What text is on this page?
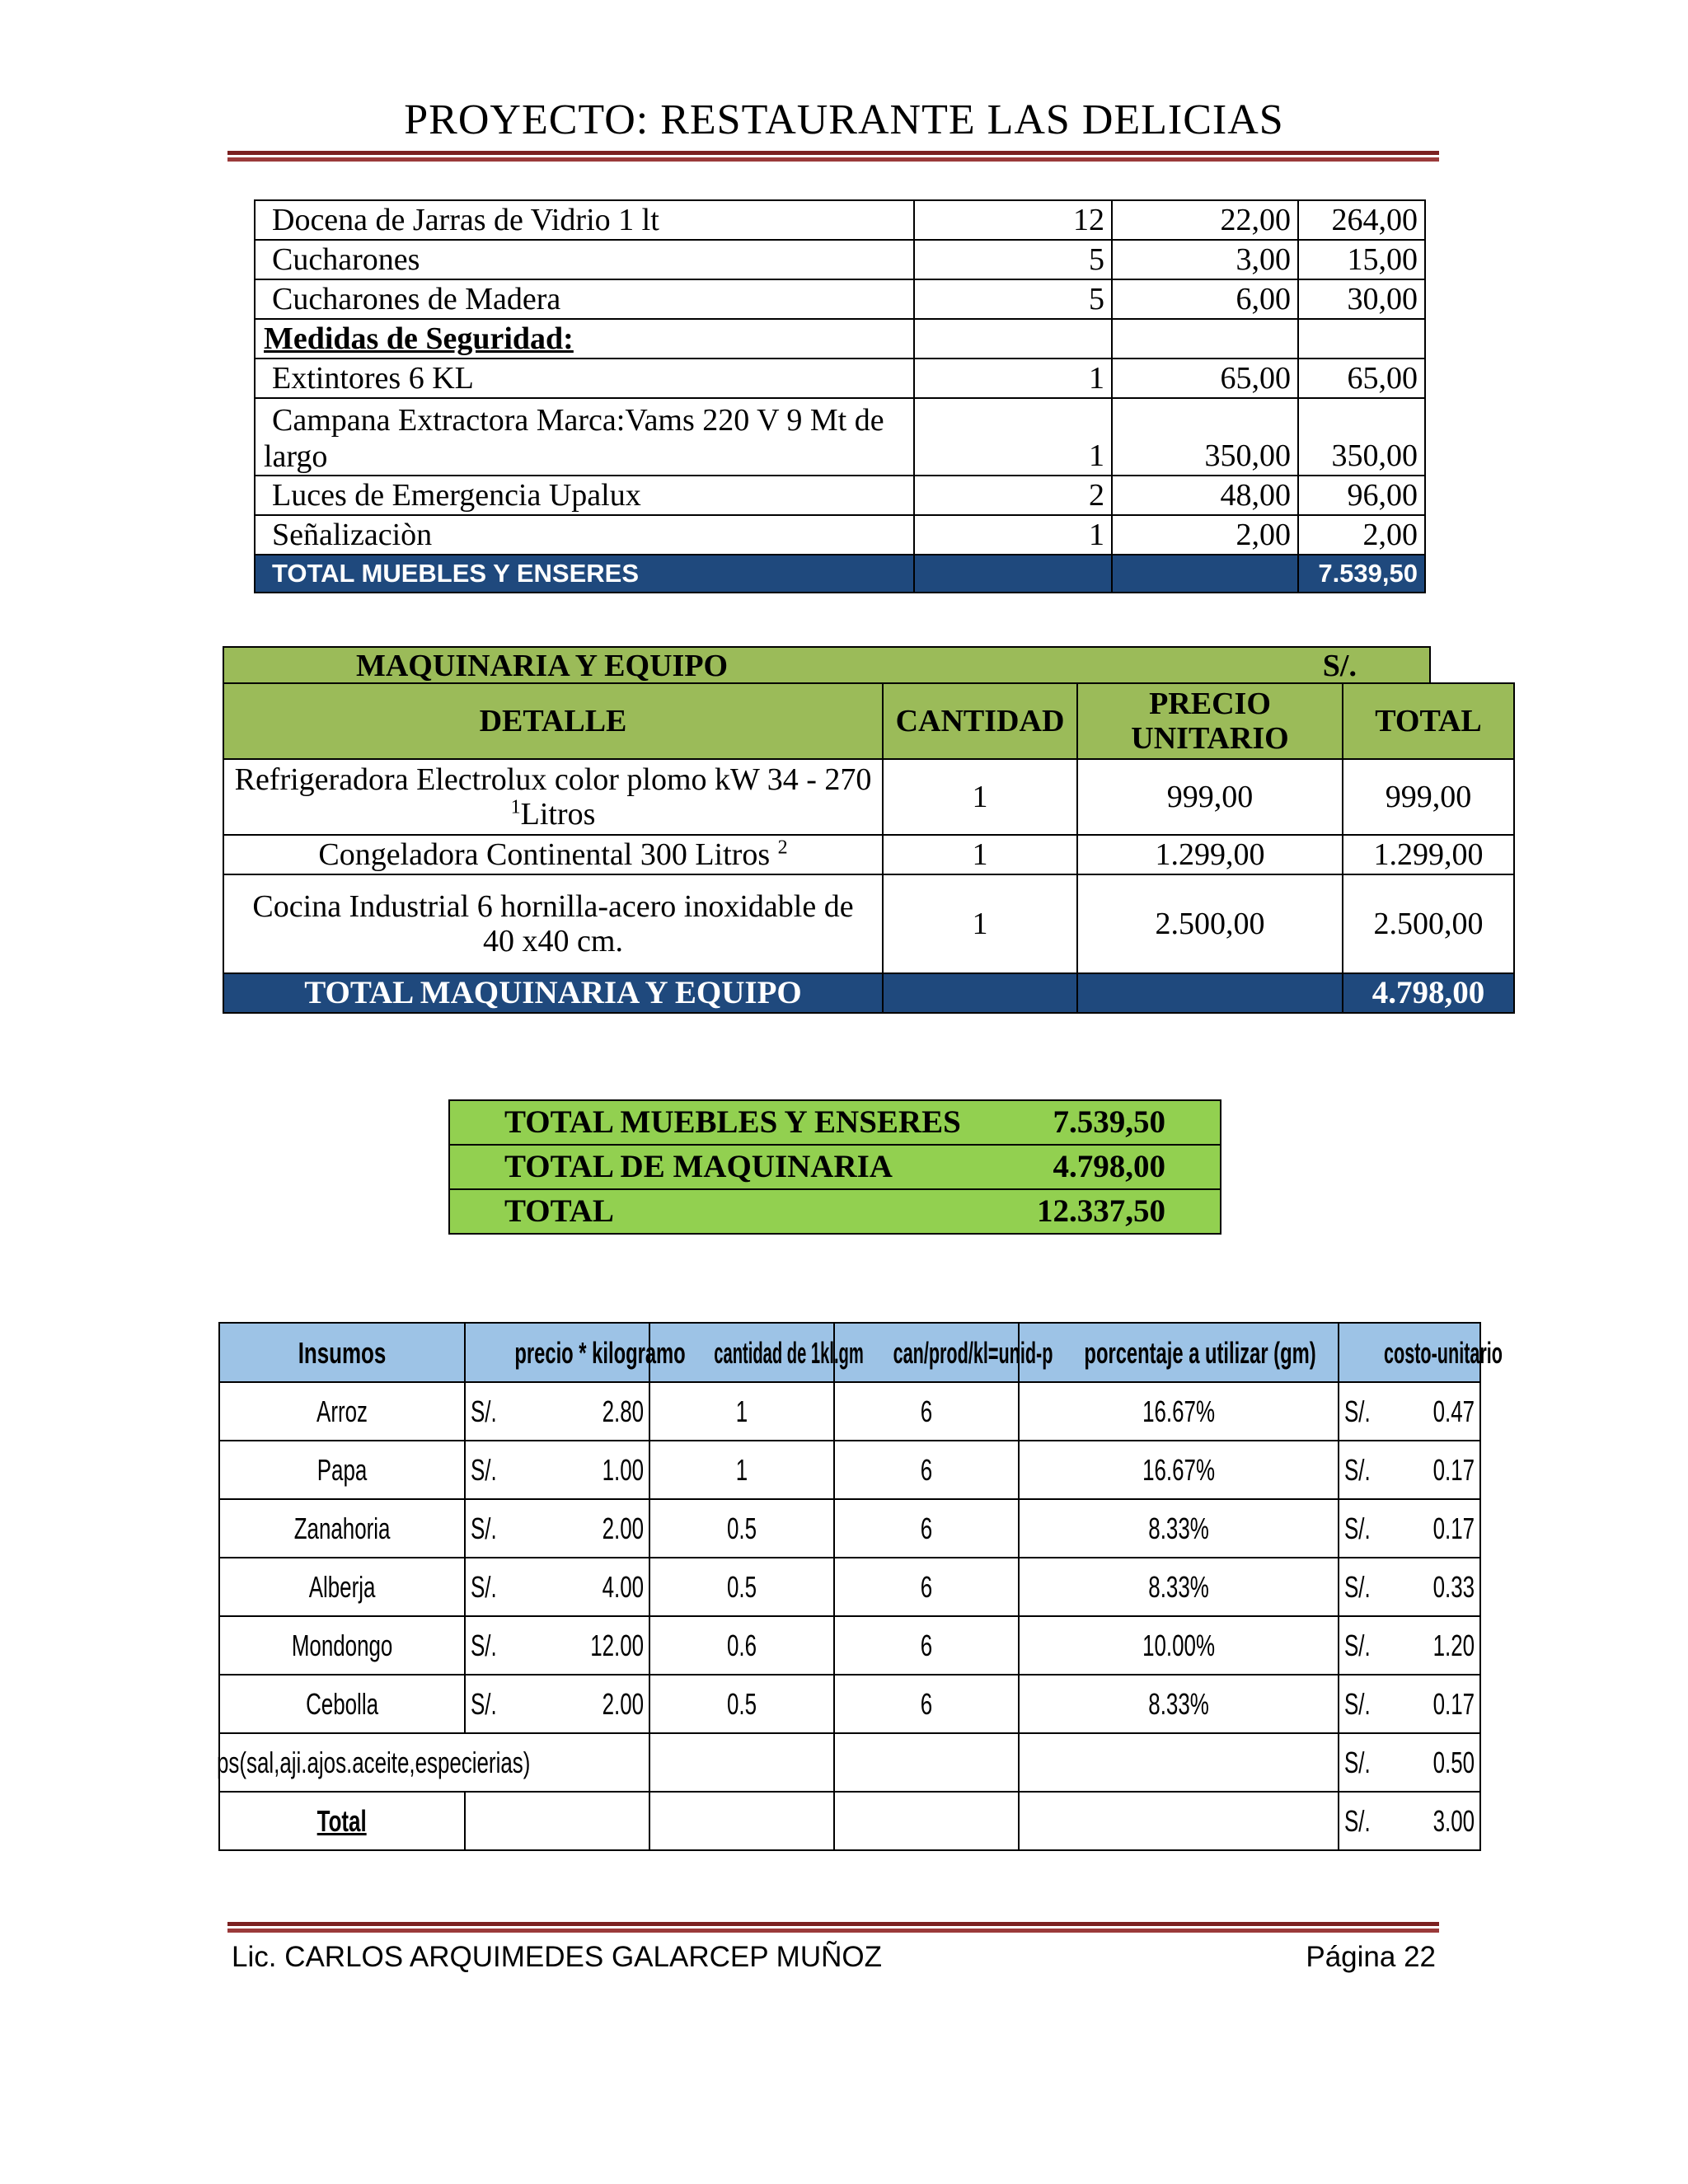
PROYECTO: RESTAURANTE LAS DELICIAS
Docena de Jarras de Vidrio 1 lt	12	22,00	264,00
Cucharones	5	3,00	15,00
Cucharones de Madera	5	6,00	30,00
Medidas de Seguridad:			
Extintores 6 KL	1	65,00	65,00
Campana Extractora Marca:Vams 220 V 9 Mt de largo	1	350,00	350,00
Luces de Emergencia Upalux	2	48,00	96,00
Señalizaciòn	1	2,00	2,00
TOTAL MUEBLES Y ENSERES			7.539,50
MAQUINARIA Y EQUIPO	S/.
DETALLE	CANTIDAD	PRECIO UNITARIO	TOTAL
Refrigeradora Electrolux color plomo kW 34 - 270 $^1$Litros	1	999,00	999,00
Congeladora Continental 300 Litros $^2$	1	1.299,00	1.299,00
Cocina Industrial 6 hornilla-acero inoxidable de 40 x40 cm.	1	2.500,00	2.500,00
TOTAL MAQUINARIA Y EQUIPO			4.798,00
TOTAL MUEBLES Y ENSERES	7.539,50
TOTAL DE MAQUINARIA	4.798,00
TOTAL	12.337,50
Insumos	precio * kilogramo	cantidad de 1kl.gm	can/prod/kl=unid-p	porcentaje a utilizar (gm)	costo-unitario
Arroz	S/. 2.80	1	6	16.67%	S/. 0.47

Papa	S/. 1.00	1	6	16.67%	S/. 0.17

Zanahoria	S/. 2.00	0.5	6	8.33%	S/. 0.17

Alberja	S/. 4.00	0.5	6	8.33%	S/. 0.33

Mondongo	S/. 12.00	0.6	6	10.00%	S/. 1.20

Cebolla	S/. 2.00	0.5	6	8.33%	S/. 0.17

ps(sal,aji.ajos.aceite,especierias)					S/. 0.50

Total					S/. 3.00
Lic. CARLOS ARQUIMEDES GALARCEP MUÑOZ	Página 22
